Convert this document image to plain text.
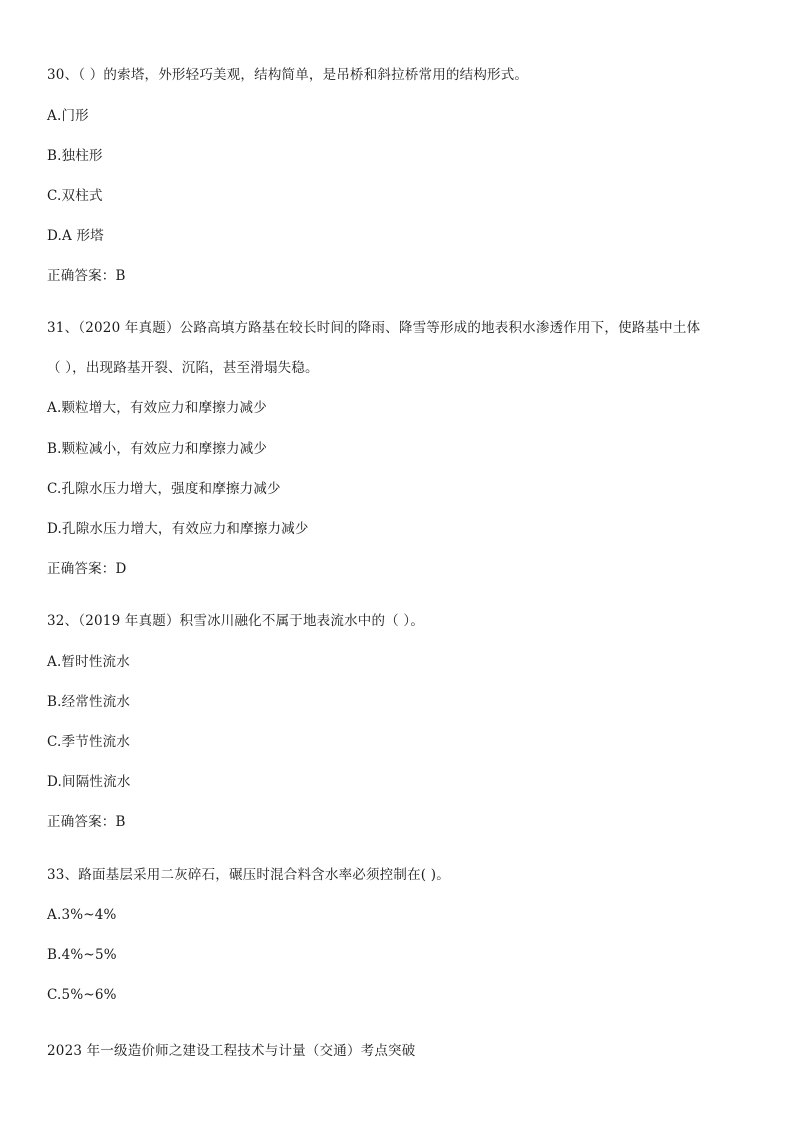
30、（ ）的索塔，外形轻巧美观，结构简单，是吊桥和斜拉桥常用的结构形式。
A.门形
B.独柱形
C.双柱式
D.A 形塔
正确答案：B
31、（2020 年真题）公路高填方路基在较长时间的降雨、降雪等形成的地表积水渗透作用下，使路基中土体
（ ），出现路基开裂、沉陷，甚至滑塌失稳。
A.颗粒增大，有效应力和摩擦力减少
B.颗粒减小，有效应力和摩擦力减少
C.孔隙水压力增大，强度和摩擦力减少
D.孔隙水压力增大，有效应力和摩擦力减少
正确答案：D
32、（2019 年真题）积雪冰川融化不属于地表流水中的（ ）。
A.暂时性流水
B.经常性流水
C.季节性流水
D.间隔性流水
正确答案：B
33、路面基层采用二灰碎石，碾压时混合料含水率必须控制在( )。
A.3%~4%
B.4%~5%
C.5%~6%
2023 年一级造价师之建设工程技术与计量（交通）考点突破
